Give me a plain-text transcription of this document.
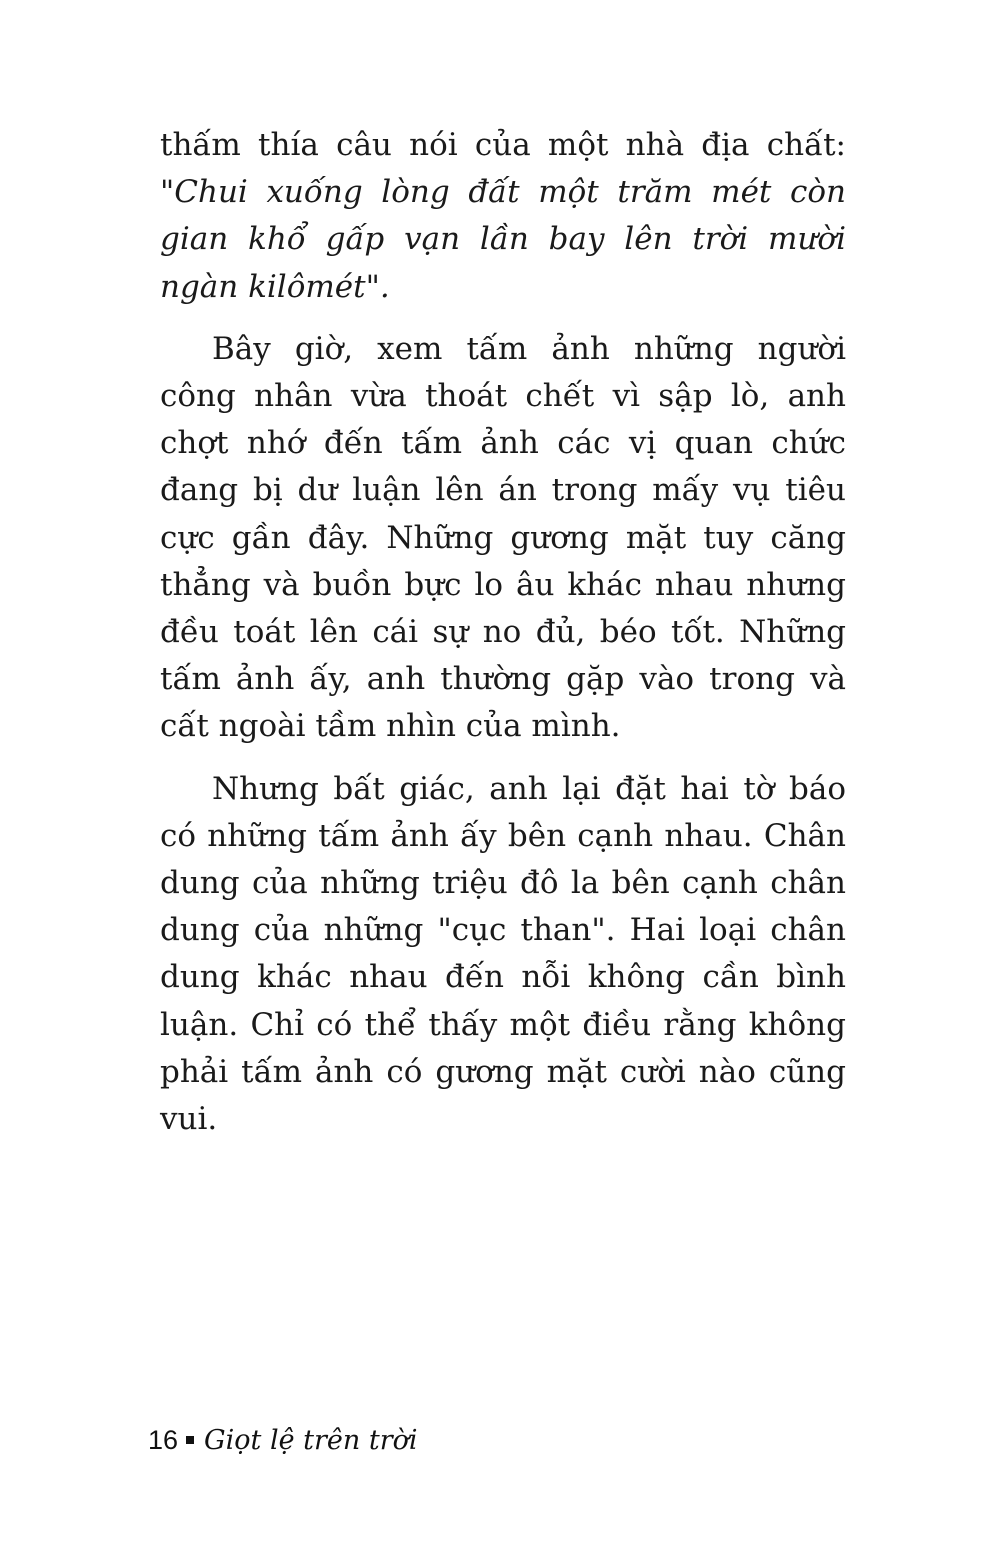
thấm thía câu nói của một nhà địa chất: "Chui xuống lòng đất một trăm mét còn gian khổ gấp vạn lần bay lên trời mười ngàn kilômét".

Bây giờ, xem tấm ảnh những người công nhân vừa thoát chết vì sập lò, anh chợt nhớ đến tấm ảnh các vị quan chức đang bị dư luận lên án trong mấy vụ tiêu cực gần đây. Những gương mặt tuy căng thẳng và buồn bực lo âu khác nhau nhưng đều toát lên cái sự no đủ, béo tốt. Những tấm ảnh ấy, anh thường gặp vào trong và cất ngoài tầm nhìn của mình.

Nhưng bất giác, anh lại đặt hai tờ báo có những tấm ảnh ấy bên cạnh nhau. Chân dung của những triệu đô la bên cạnh chân dung của những "cục than". Hai loại chân dung khác nhau đến nỗi không cần bình luận. Chỉ có thể thấy một điều rằng không phải tấm ảnh có gương mặt cười nào cũng vui.

16 Giọt lệ trên trời
